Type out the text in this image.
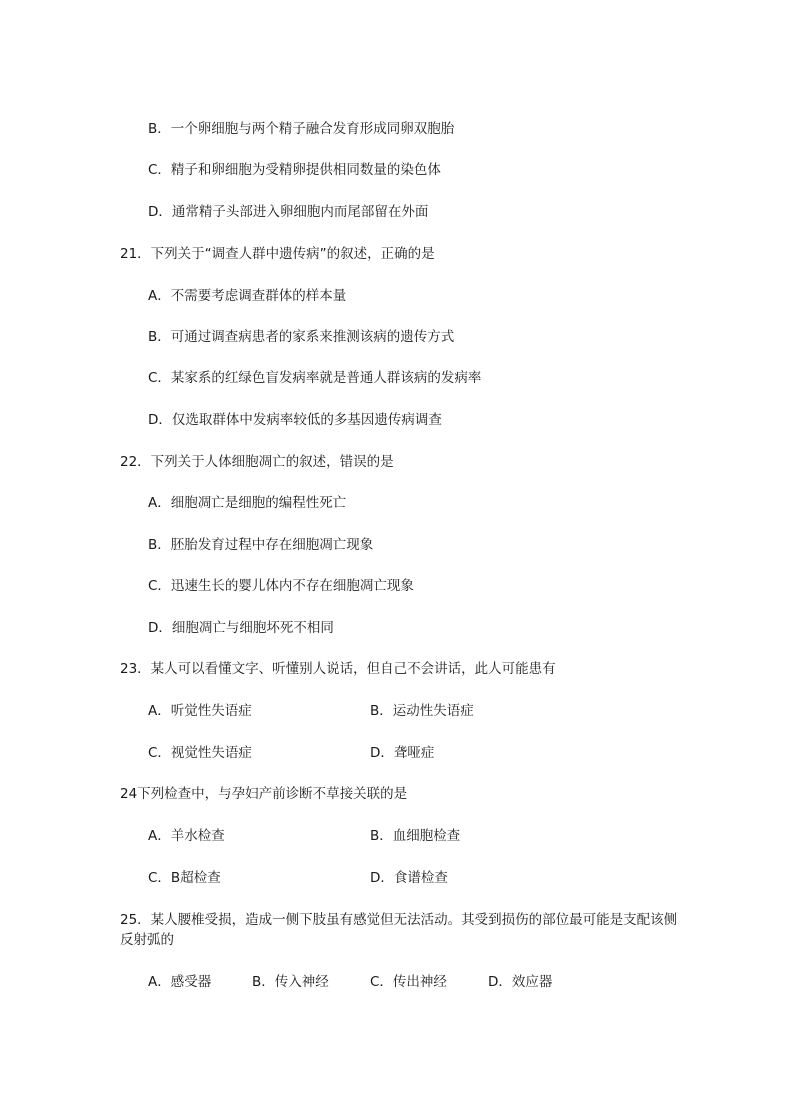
B．一个卵细胞与两个精子融合发育形成同卵双胞胎
C．精子和卵细胞为受精卵提供相同数量的染色体
D．通常精子头部进入卵细胞内而尾部留在外面
21．下列关于“调查人群中遗传病”的叙述，正确的是
A．不需要考虑调查群体的样本量
B．可通过调查病患者的家系来推测该病的遗传方式
C．某家系的红绿色盲发病率就是普通人群该病的发病率
D．仅选取群体中发病率较低的多基因遗传病调查
22．下列关于人体细胞凋亡的叙述，错误的是
A．细胞凋亡是细胞的编程性死亡
B．胚胎发育过程中存在细胞凋亡现象
C．迅速生长的婴儿体内不存在细胞凋亡现象
D．细胞凋亡与细胞坏死不相同
23．某人可以看懂文字、听懂别人说话，但自己不会讲话，此人可能患有
A．听觉性失语症	B．运动性失语症
C．视觉性失语症	D．聋哑症
24下列检查中，与孕妇产前诊断不草接关联的是
A．羊水检查	B．血细胞检查
C．B超检查	D．食谱检查
25．某人腰椎受损，造成一侧下肢虽有感觉但无法活动。其受到损伤的部位最可能是支配该侧反射弧的
A．感受器	B．传入神经	C．传出神经	D．效应器
